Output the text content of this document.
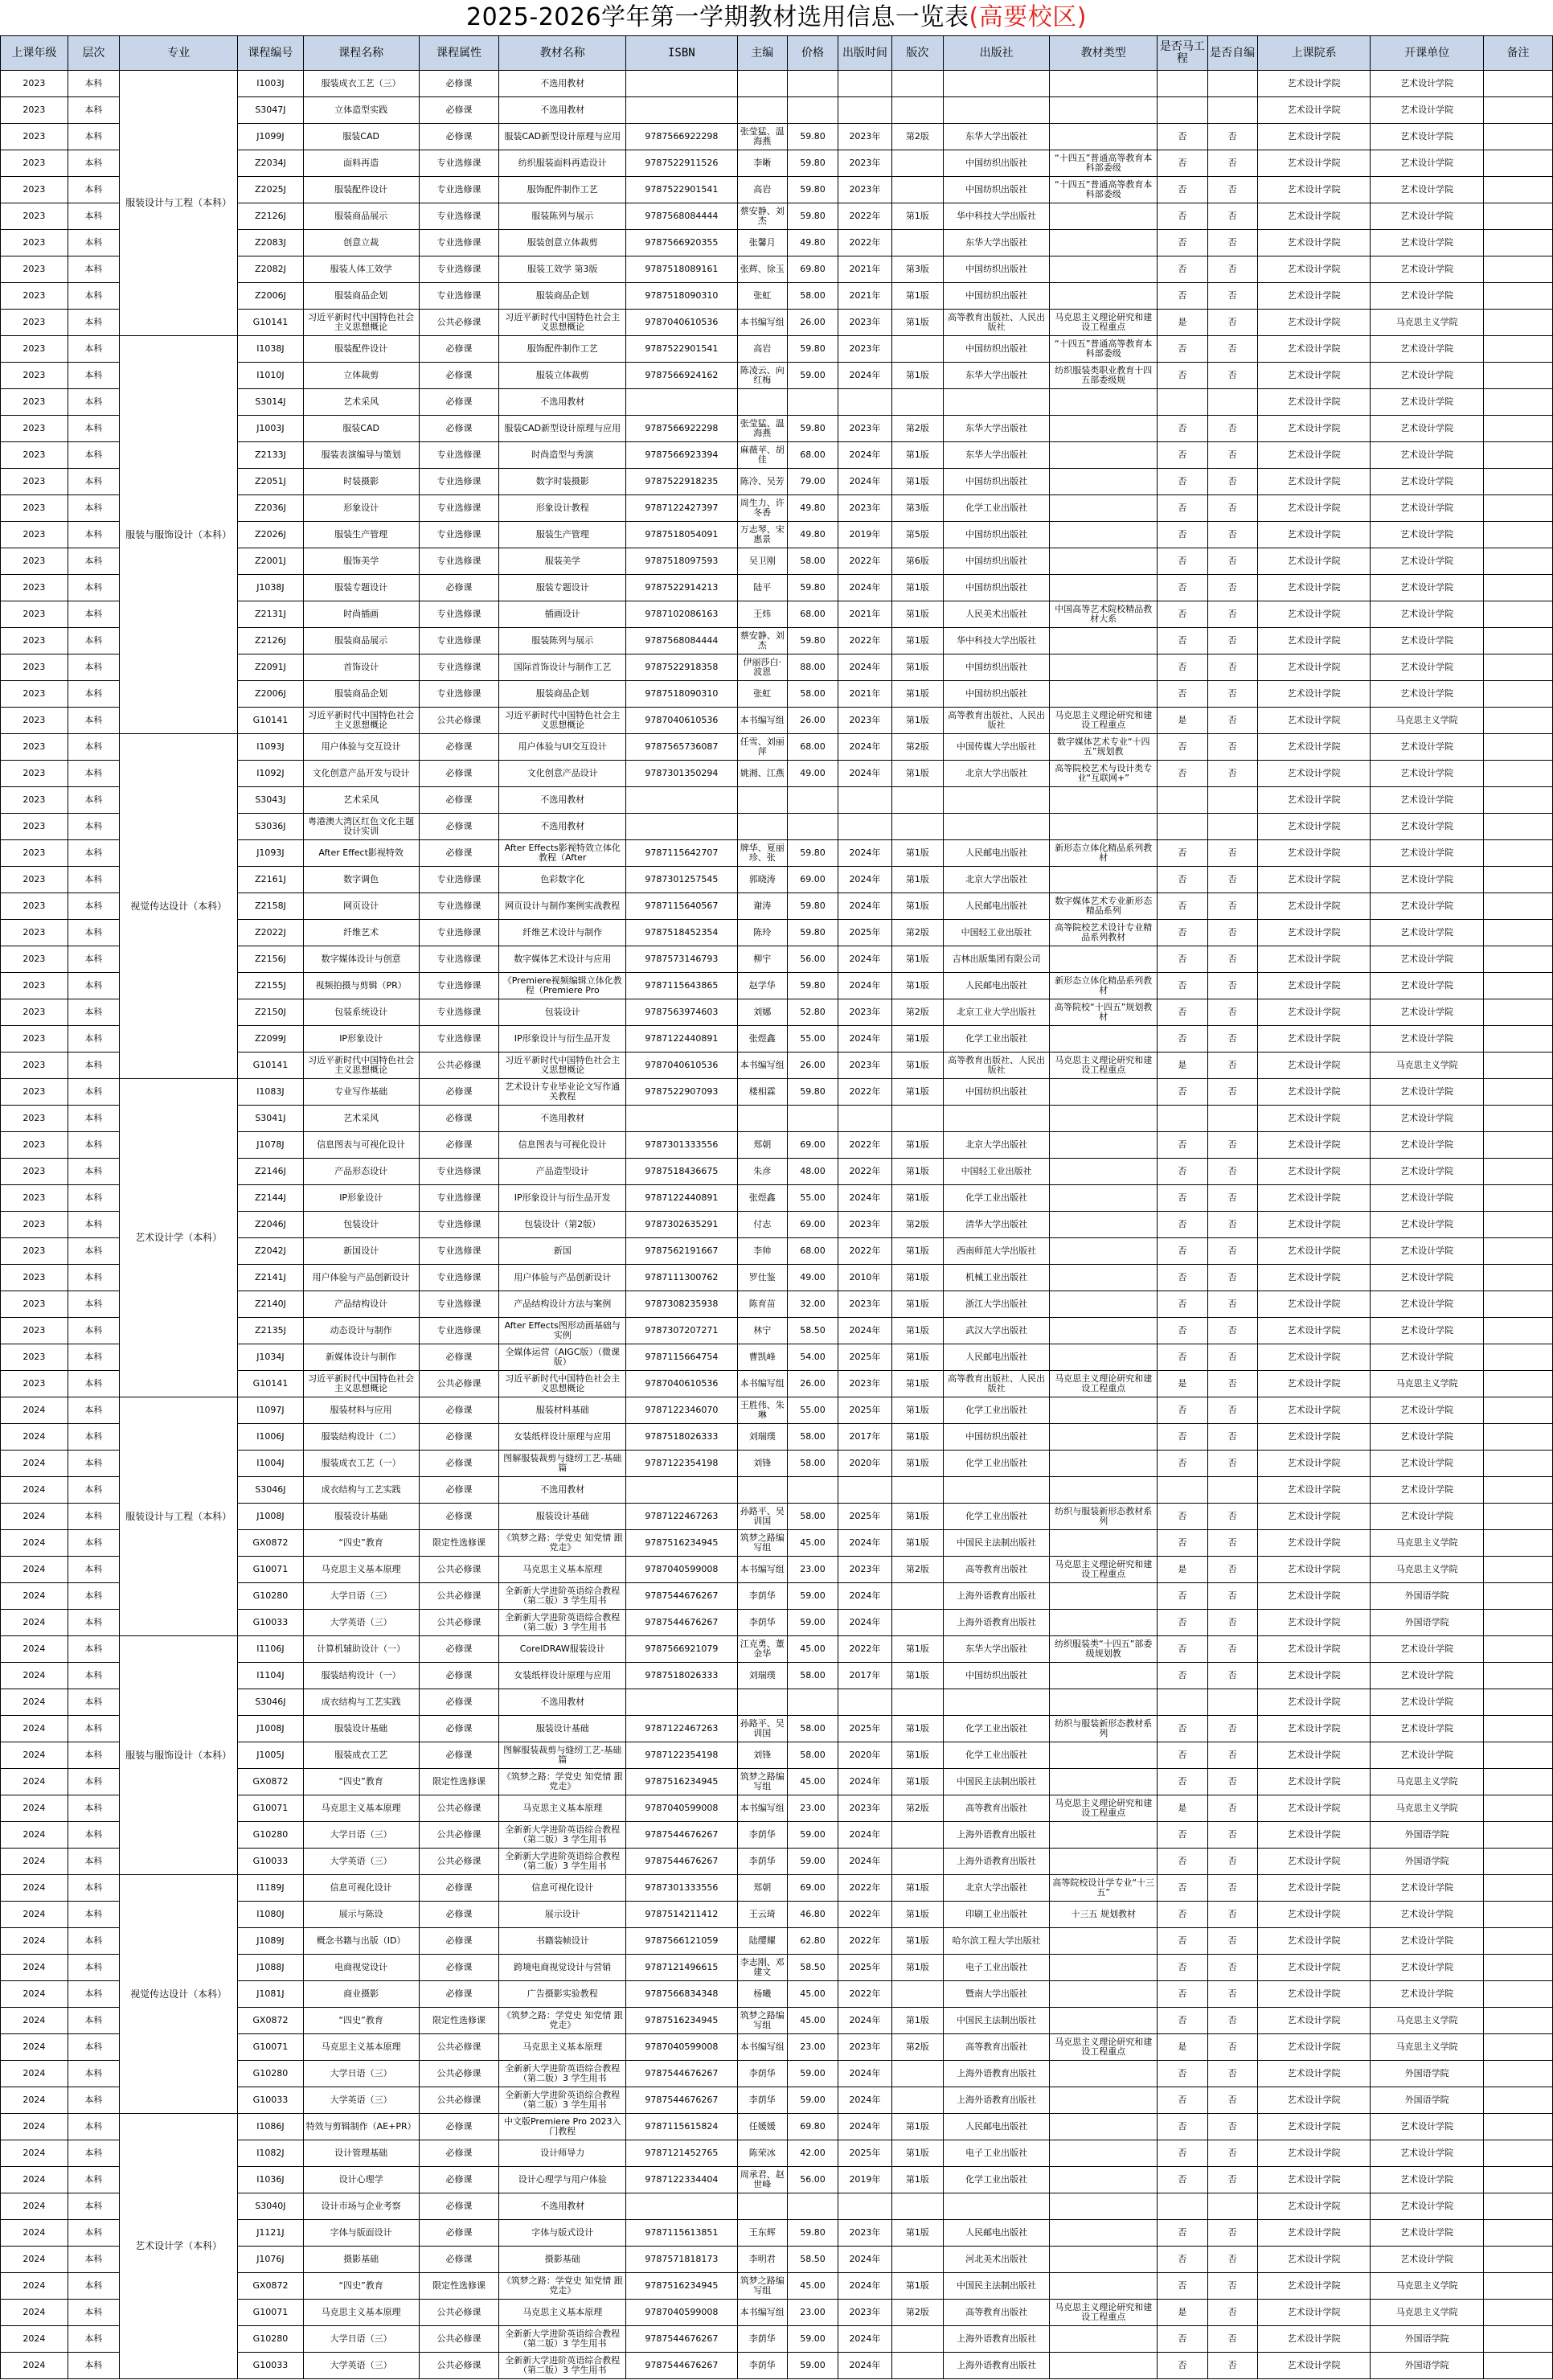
2025-2026学年第一学期教材选用信息一览表(高要校区)
上课年级	层次	专业	课程编号	课程名称	课程属性	教材名称	ISBN	主编	价格	出版时间	版次	出版社	教材类型	是否马工程	是否自编	上课院系	开课单位	备注
2023	本科	服装设计与工程（本科）	I1003J	服装成衣工艺（三）	必修课	不选用教材										艺术设计学院	艺术设计学院	
2023	本科		S3047J	立体造型实践	必修课	不选用教材										艺术设计学院	艺术设计学院	
2023	本科		J1099J	服装CAD	必修课	服装CAD新型设计原理与应用	9787566922298	张莹猛、温海燕	59.80	2023年	第2版	东华大学出版社		否	否	艺术设计学院	艺术设计学院	
2023	本科		Z2034J	面料再造	专业选修课	纺织服装面料再造设计	9787522911526	李晰	59.80	2023年		中国纺织出版社	“十四五”普通高等教育本科部委级	否	否	艺术设计学院	艺术设计学院	
2023	本科		Z2025J	服装配件设计	专业选修课	服饰配件制作工艺	9787522901541	高岩	59.80	2023年		中国纺织出版社	“十四五”普通高等教育本科部委级	否	否	艺术设计学院	艺术设计学院	
2023	本科		Z2126J	服装商品展示	专业选修课	服装陈列与展示	9787568084444	蔡安静、刘杰	59.80	2022年	第1版	华中科技大学出版社		否	否	艺术设计学院	艺术设计学院	
2023	本科		Z2083J	创意立裁	专业选修课	服装创意立体裁剪	9787566920355	张馨月	49.80	2022年		东华大学出版社		否	否	艺术设计学院	艺术设计学院	
2023	本科		Z2082J	服装人体工效学	专业选修课	服装工效学 第3版	9787518089161	张辉、徐玉	69.80	2021年	第3版	中国纺织出版社		否	否	艺术设计学院	艺术设计学院	
2023	本科		Z2006J	服装商品企划	专业选修课	服装商品企划	9787518090310	张虹	58.00	2021年	第1版	中国纺织出版社		否	否	艺术设计学院	艺术设计学院	
2023	本科		G10141	习近平新时代中国特色社会主义思想概论	公共必修课	习近平新时代中国特色社会主义思想概论	9787040610536	本书编写组	26.00	2023年	第1版	高等教育出版社、人民出版社	马克思主义理论研究和建设工程重点	是	否	艺术设计学院	马克思主义学院	
2023	本科	服装与服饰设计（本科）	I1038J	服装配件设计	必修课	服饰配件制作工艺	9787522901541	高岩	59.80	2023年		中国纺织出版社	“十四五”普通高等教育本科部委级	否	否	艺术设计学院	艺术设计学院	
2023	本科		I1010J	立体裁剪	必修课	服装立体裁剪	9787566924162	陈凌云、向红梅	59.00	2024年	第1版	东华大学出版社	纺织服装类职业教育十四五部委级规	否	否	艺术设计学院	艺术设计学院	
2023	本科		S3014J	艺术采风	必修课	不选用教材										艺术设计学院	艺术设计学院	
2023	本科		J1003J	服装CAD	必修课	服装CAD新型设计原理与应用	9787566922298	张莹猛、温海燕	59.80	2023年	第2版	东华大学出版社		否	否	艺术设计学院	艺术设计学院	
2023	本科		Z2133J	服装表演编导与策划	专业选修课	时尚造型与秀演	9787566923394	麻薇苹、胡佳	68.00	2024年	第1版	东华大学出版社		否	否	艺术设计学院	艺术设计学院	
2023	本科		Z2051J	时装摄影	专业选修课	数字时装摄影	9787522918235	陈冷、吴芳	79.00	2024年	第1版	中国纺织出版社		否	否	艺术设计学院	艺术设计学院	
2023	本科		Z2036J	形象设计	专业选修课	形象设计教程	9787122427397	周生力、许冬香	49.80	2023年	第3版	化学工业出版社		否	否	艺术设计学院	艺术设计学院	
2023	本科		Z2026J	服装生产管理	专业选修课	服装生产管理	9787518054091	万志琴、宋惠景	49.80	2019年	第5版	中国纺织出版社		否	否	艺术设计学院	艺术设计学院	
2023	本科		Z2001J	服饰美学	专业选修课	服装美学	9787518097593	吴卫刚	58.00	2022年	第6版	中国纺织出版社		否	否	艺术设计学院	艺术设计学院	
2023	本科		J1038J	服装专题设计	必修课	服装专题设计	9787522914213	陆平	59.80	2024年	第1版	中国纺织出版社		否	否	艺术设计学院	艺术设计学院	
2023	本科		Z2131J	时尚插画	专业选修课	插画设计	9787102086163	王炜	68.00	2021年	第1版	人民美术出版社	中国高等艺术院校精品教材大系	否	否	艺术设计学院	艺术设计学院	
2023	本科		Z2126J	服装商品展示	专业选修课	服装陈列与展示	9787568084444	蔡安静、刘杰	59.80	2022年	第1版	华中科技大学出版社		否	否	艺术设计学院	艺术设计学院	
2023	本科		Z2091J	首饰设计	专业选修课	国际首饰设计与制作工艺	9787522918358	伊丽莎白·波恩	88.00	2024年	第1版	中国纺织出版社		否	否	艺术设计学院	艺术设计学院	
2023	本科		Z2006J	服装商品企划	专业选修课	服装商品企划	9787518090310	张虹	58.00	2021年	第1版	中国纺织出版社		否	否	艺术设计学院	艺术设计学院	
2023	本科		G10141	习近平新时代中国特色社会主义思想概论	公共必修课	习近平新时代中国特色社会主义思想概论	9787040610536	本书编写组	26.00	2023年	第1版	高等教育出版社、人民出版社	马克思主义理论研究和建设工程重点	是	否	艺术设计学院	马克思主义学院	
2023	本科	视觉传达设计（本科）	I1093J	用户体验与交互设计	必修课	用户体验与UI交互设计	9787565736087	任雪、刘丽萍	68.00	2024年	第2版	中国传媒大学出版社	数字媒体艺术专业“十四五”规划教	否	否	艺术设计学院	艺术设计学院	
2023	本科		I1092J	文化创意产品开发与设计	必修课	文化创意产品设计	9787301350294	姚湘、江燕	49.00	2024年	第1版	北京大学出版社	高等院校艺术与设计类专业“互联网+”	否	否	艺术设计学院	艺术设计学院	
2023	本科		S3043J	艺术采风	必修课	不选用教材										艺术设计学院	艺术设计学院	
2023	本科		S3036J	粤港澳大湾区红色文化主题设计实训	必修课	不选用教材										艺术设计学院	艺术设计学院	
2023	本科		J1093J	After Effect影视特效	必修课	After Effects影视特效立体化教程（After	9787115642707	牌华、夏丽珍、张	59.80	2024年	第1版	人民邮电出版社	新形态立体化精品系列教材	否	否	艺术设计学院	艺术设计学院	
2023	本科		Z2161J	数字调色	专业选修课	色彩数字化	9787301257545	郭晓涛	69.00	2024年	第1版	北京大学出版社		否	否	艺术设计学院	艺术设计学院	
2023	本科		Z2158J	网页设计	专业选修课	网页设计与制作案例实战教程	9787115640567	谢涛	59.80	2024年	第1版	人民邮电出版社	数字媒体艺术专业新形态精品系列	否	否	艺术设计学院	艺术设计学院	
2023	本科		Z2022J	纤维艺术	专业选修课	纤维艺术设计与制作	9787518452354	陈玲	59.80	2025年	第2版	中国轻工业出版社	高等院校艺术设计专业精品系列教材	否	否	艺术设计学院	艺术设计学院	
2023	本科		Z2156J	数字媒体设计与创意	专业选修课	数字媒体艺术设计与应用	9787573146793	柳宇	56.00	2024年	第1版	吉林出版集团有限公司		否	否	艺术设计学院	艺术设计学院	
2023	本科		Z2155J	视频拍摄与剪辑（PR）	专业选修课	《Premiere视频编辑立体化教程（Premiere Pro	9787115643865	赵学华	59.80	2024年	第1版	人民邮电出版社	新形态立体化精品系列教材	否	否	艺术设计学院	艺术设计学院	
2023	本科		Z2150J	包装系统设计	专业选修课	包装设计	9787563974603	刘娜	52.80	2023年	第2版	北京工业大学出版社	高等院校“十四五”规划教材	否	否	艺术设计学院	艺术设计学院	
2023	本科		Z2099J	IP形象设计	专业选修课	IP形象设计与衍生品开发	9787122440891	张煜鑫	55.00	2024年	第1版	化学工业出版社		否	否	艺术设计学院	艺术设计学院	
2023	本科		G10141	习近平新时代中国特色社会主义思想概论	公共必修课	习近平新时代中国特色社会主义思想概论	9787040610536	本书编写组	26.00	2023年	第1版	高等教育出版社、人民出版社	马克思主义理论研究和建设工程重点	是	否	艺术设计学院	马克思主义学院	
2023	本科	艺术设计学（本科）	I1083J	专业写作基础	必修课	艺术设计专业毕业论文写作通关教程	9787522907093	楼相霖	59.80	2022年	第1版	中国纺织出版社		否	否	艺术设计学院	艺术设计学院	
2023	本科		S3041J	艺术采风	必修课	不选用教材										艺术设计学院	艺术设计学院	
2023	本科		J1078J	信息图表与可视化设计	必修课	信息图表与可视化设计	9787301333556	郑朝	69.00	2022年	第1版	北京大学出版社		否	否	艺术设计学院	艺术设计学院	
2023	本科		Z2146J	产品形态设计	专业选修课	产品造型设计	9787518436675	朱彦	48.00	2022年	第1版	中国轻工业出版社		否	否	艺术设计学院	艺术设计学院	
2023	本科		Z2144J	IP形象设计	专业选修课	IP形象设计与衍生品开发	9787122440891	张煜鑫	55.00	2024年	第1版	化学工业出版社		否	否	艺术设计学院	艺术设计学院	
2023	本科		Z2046J	包装设计	专业选修课	包装设计（第2版）	9787302635291	付志	69.00	2023年	第2版	清华大学出版社		否	否	艺术设计学院	艺术设计学院	
2023	本科		Z2042J	新国设计	专业选修课	新国	9787562191667	李帅	68.00	2022年	第1版	西南师范大学出版社		否	否	艺术设计学院	艺术设计学院	
2023	本科		Z2141J	用户体验与产品创新设计	专业选修课	用户体验与产品创新设计	9787111300762	罗仕鉴	49.00	2010年	第1版	机械工业出版社		否	否	艺术设计学院	艺术设计学院	
2023	本科		Z2140J	产品结构设计	专业选修课	产品结构设计方法与案例	9787308235938	陈育苗	32.00	2023年	第1版	浙江大学出版社		否	否	艺术设计学院	艺术设计学院	
2023	本科		Z2135J	动态设计与制作	专业选修课	After Effects图形动画基础与实例	9787307207271	林宁	58.50	2024年	第1版	武汉大学出版社		否	否	艺术设计学院	艺术设计学院	
2023	本科		J1034J	新媒体设计与制作	必修课	全媒体运营（AIGC版）（微课版）	9787115664754	曹凯峰	54.00	2025年	第1版	人民邮电出版社		否	否	艺术设计学院	艺术设计学院	
2023	本科		G10141	习近平新时代中国特色社会主义思想概论	公共必修课	习近平新时代中国特色社会主义思想概论	9787040610536	本书编写组	26.00	2023年	第1版	高等教育出版社、人民出版社	马克思主义理论研究和建设工程重点	是	否	艺术设计学院	马克思主义学院	
2024	本科	服装设计与工程（本科）	I1097J	服装材料与应用	必修课	服装材料基础	9787122346070	王胜伟、朱琳	55.00	2025年	第1版	化学工业出版社		否	否	艺术设计学院	艺术设计学院	
2024	本科		I1006J	服装结构设计（二）	必修课	女装纸样设计原理与应用	9787518026333	刘瑞璞	58.00	2017年	第1版	中国纺织出版社		否	否	艺术设计学院	艺术设计学院	
2024	本科		I1004J	服装成衣工艺（一）	必修课	图解服装裁剪与缝纫工艺-基础篇	9787122354198	刘锋	58.00	2020年	第1版	化学工业出版社		否	否	艺术设计学院	艺术设计学院	
2024	本科		S3046J	成衣结构与工艺实践	必修课	不选用教材										艺术设计学院	艺术设计学院	
2024	本科		J1008J	服装设计基础	必修课	服装设计基础	9787122467263	孙路平、吴训国	58.00	2025年	第1版	化学工业出版社	纺织与服装新形态教材系列	否	否	艺术设计学院	艺术设计学院	
2024	本科		GX0872	“四史”教育	限定性选修课	《筑梦之路：学党史 知党情 跟党走》	9787516234945	筑梦之路编写组	45.00	2024年	第1版	中国民主法制出版社		否	否	艺术设计学院	马克思主义学院	
2024	本科		G10071	马克思主义基本原理	公共必修课	马克思主义基本原理	9787040599008	本书编写组	23.00	2023年	第2版	高等教育出版社	马克思主义理论研究和建设工程重点	是	否	艺术设计学院	马克思主义学院	
2024	本科		G10280	大学日语（三）	公共必修课	全新新大学进阶英语综合教程（第二版）3 学生用书	9787544676267	李荫华	59.00	2024年		上海外语教育出版社		否	否	艺术设计学院	外国语学院	
2024	本科		G10033	大学英语（三）	公共必修课	全新新大学进阶英语综合教程（第二版）3 学生用书	9787544676267	李荫华	59.00	2024年		上海外语教育出版社		否	否	艺术设计学院	外国语学院	
2024	本科	服装与服饰设计（本科）	I1106J	计算机辅助设计（一）	必修课	CorelDRAW服装设计	9787566921079	江克勇、董金华	45.00	2022年	第1版	东华大学出版社	纺织服装类“十四五”部委级规划教	否	否	艺术设计学院	艺术设计学院	
2024	本科		I1104J	服装结构设计（一）	必修课	女装纸样设计原理与应用	9787518026333	刘瑞璞	58.00	2017年	第1版	中国纺织出版社		否	否	艺术设计学院	艺术设计学院	
2024	本科		S3046J	成衣结构与工艺实践	必修课	不选用教材										艺术设计学院	艺术设计学院	
2024	本科		J1008J	服装设计基础	必修课	服装设计基础	9787122467263	孙路平、吴训国	58.00	2025年	第1版	化学工业出版社	纺织与服装新形态教材系列	否	否	艺术设计学院	艺术设计学院	
2024	本科		J1005J	服装成衣工艺	必修课	图解服装裁剪与缝纫工艺-基础篇	9787122354198	刘锋	58.00	2020年	第1版	化学工业出版社		否	否	艺术设计学院	艺术设计学院	
2024	本科		GX0872	“四史”教育	限定性选修课	《筑梦之路：学党史 知党情 跟党走》	9787516234945	筑梦之路编写组	45.00	2024年	第1版	中国民主法制出版社		否	否	艺术设计学院	马克思主义学院	
2024	本科		G10071	马克思主义基本原理	公共必修课	马克思主义基本原理	9787040599008	本书编写组	23.00	2023年	第2版	高等教育出版社	马克思主义理论研究和建设工程重点	是	否	艺术设计学院	马克思主义学院	
2024	本科		G10280	大学日语（三）	公共必修课	全新新大学进阶英语综合教程（第二版）3 学生用书	9787544676267	李荫华	59.00	2024年		上海外语教育出版社		否	否	艺术设计学院	外国语学院	
2024	本科		G10033	大学英语（三）	公共必修课	全新新大学进阶英语综合教程（第二版）3 学生用书	9787544676267	李荫华	59.00	2024年		上海外语教育出版社		否	否	艺术设计学院	外国语学院	
2024	本科	视觉传达设计（本科）	I1189J	信息可视化设计	必修课	信息可视化设计	9787301333556	郑朝	69.00	2022年	第1版	北京大学出版社	高等院校设计学专业“十三五”	否	否	艺术设计学院	艺术设计学院	
2024	本科		I1080J	展示与陈设	必修课	展示设计	9787514211412	王云琦	46.80	2022年	第1版	印刷工业出版社	十三五 规划教材	否	否	艺术设计学院	艺术设计学院	
2024	本科		J1089J	概念书籍与出版（ID）	必修课	书籍装帧设计	9787566121059	陆缨耀	62.80	2022年	第1版	哈尔滨工程大学出版社		否	否	艺术设计学院	艺术设计学院	
2024	本科		J1088J	电商视觉设计	必修课	跨境电商视觉设计与营销	9787121496615	李志刚、邓建文	58.50	2025年	第1版	电子工业出版社		否	否	艺术设计学院	艺术设计学院	
2024	本科		J1081J	商业摄影	必修课	广告摄影实验教程	9787566834348	杨曦	45.00	2022年		暨南大学出版社		否	否	艺术设计学院	艺术设计学院	
2024	本科		GX0872	“四史”教育	限定性选修课	《筑梦之路：学党史 知党情 跟党走》	9787516234945	筑梦之路编写组	45.00	2024年	第1版	中国民主法制出版社		否	否	艺术设计学院	马克思主义学院	
2024	本科		G10071	马克思主义基本原理	公共必修课	马克思主义基本原理	9787040599008	本书编写组	23.00	2023年	第2版	高等教育出版社	马克思主义理论研究和建设工程重点	是	否	艺术设计学院	马克思主义学院	
2024	本科		G10280	大学日语（三）	公共必修课	全新新大学进阶英语综合教程（第二版）3 学生用书	9787544676267	李荫华	59.00	2024年		上海外语教育出版社		否	否	艺术设计学院	外国语学院	
2024	本科		G10033	大学英语（三）	公共必修课	全新新大学进阶英语综合教程（第二版）3 学生用书	9787544676267	李荫华	59.00	2024年		上海外语教育出版社		否	否	艺术设计学院	外国语学院	
2024	本科	艺术设计学（本科）	I1086J	特效与剪辑制作（AE+PR）	必修课	中文版Premiere Pro 2023入门教程	9787115615824	任媛媛	69.80	2024年	第1版	人民邮电出版社		否	否	艺术设计学院	艺术设计学院	
2024	本科		I1082J	设计管理基础	必修课	设计师导力	9787121452765	陈荣冰	42.00	2025年	第1版	电子工业出版社		否	否	艺术设计学院	艺术设计学院	
2024	本科		I1036J	设计心理学	必修课	设计心理学与用户体验	9787122334404	周承君、赵世峰	56.00	2019年	第1版	化学工业出版社		否	否	艺术设计学院	艺术设计学院	
2024	本科		S3040J	设计市场与企业考察	必修课	不选用教材										艺术设计学院	艺术设计学院	
2024	本科		J1121J	字体与版面设计	必修课	字体与版式设计	9787115613851	王东辉	59.80	2023年	第1版	人民邮电出版社		否	否	艺术设计学院	艺术设计学院	
2024	本科		J1076J	摄影基础	必修课	摄影基础	9787571818173	李明君	58.50	2024年		河北美术出版社		否	否	艺术设计学院	艺术设计学院	
2024	本科		GX0872	“四史”教育	限定性选修课	《筑梦之路：学党史 知党情 跟党走》	9787516234945	筑梦之路编写组	45.00	2024年	第1版	中国民主法制出版社		否	否	艺术设计学院	马克思主义学院	
2024	本科		G10071	马克思主义基本原理	公共必修课	马克思主义基本原理	9787040599008	本书编写组	23.00	2023年	第2版	高等教育出版社	马克思主义理论研究和建设工程重点	是	否	艺术设计学院	马克思主义学院	
2024	本科		G10280	大学日语（三）	公共必修课	全新新大学进阶英语综合教程（第二版）3 学生用书	9787544676267	李荫华	59.00	2024年		上海外语教育出版社		否	否	艺术设计学院	外国语学院	
2024	本科		G10033	大学英语（三）	公共必修课	全新新大学进阶英语综合教程（第二版）3 学生用书	9787544676267	李荫华	59.00	2024年		上海外语教育出版社		否	否	艺术设计学院	外国语学院	
